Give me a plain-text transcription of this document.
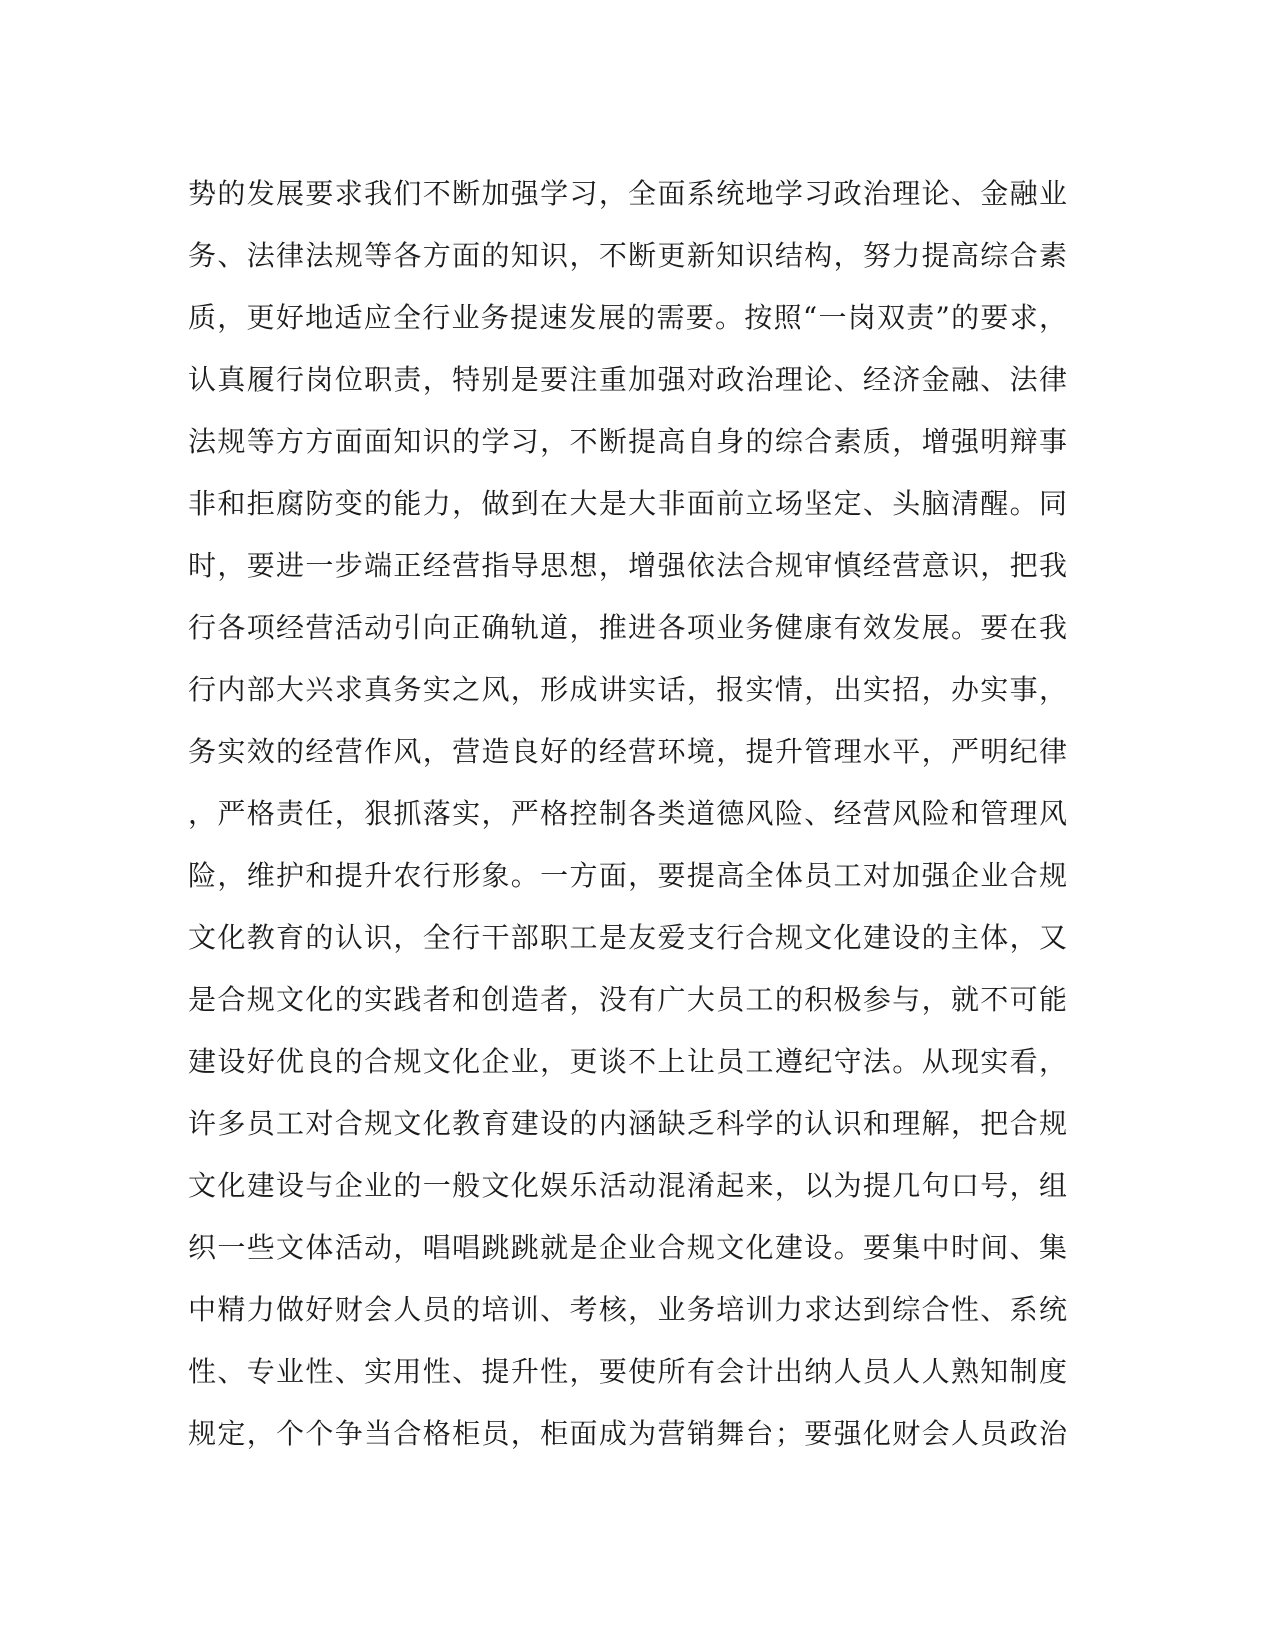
势的发展要求我们不断加强学习，全面系统地学习政治理论、金融业
务、法律法规等各方面的知识，不断更新知识结构，努力提高综合素
质，更好地适应全行业务提速发展的需要。按照“一岗双责”的要求，
认真履行岗位职责，特别是要注重加强对政治理论、经济金融、法律
法规等方方面面知识的学习，不断提高自身的综合素质，增强明辩事
非和拒腐防变的能力，做到在大是大非面前立场坚定、头脑清醒。同
时，要进一步端正经营指导思想，增强依法合规审慎经营意识，把我
行各项经营活动引向正确轨道，推进各项业务健康有效发展。要在我
行内部大兴求真务实之风，形成讲实话，报实情，出实招，办实事，
务实效的经营作风，营造良好的经营环境，提升管理水平，严明纪律
，严格责任，狠抓落实，严格控制各类道德风险、经营风险和管理风
险，维护和提升农行形象。一方面，要提高全体员工对加强企业合规
文化教育的认识，全行干部职工是友爱支行合规文化建设的主体，又
是合规文化的实践者和创造者，没有广大员工的积极参与，就不可能
建设好优良的合规文化企业，更谈不上让员工遵纪守法。从现实看，
许多员工对合规文化教育建设的内涵缺乏科学的认识和理解，把合规
文化建设与企业的一般文化娱乐活动混淆起来，以为提几句口号，组
织一些文体活动，唱唱跳跳就是企业合规文化建设。要集中时间、集
中精力做好财会人员的培训、考核，业务培训力求达到综合性、系统
性、专业性、实用性、提升性，要使所有会计出纳人员人人熟知制度
规定，个个争当合格柜员，柜面成为营销舞台；要强化财会人员政治
